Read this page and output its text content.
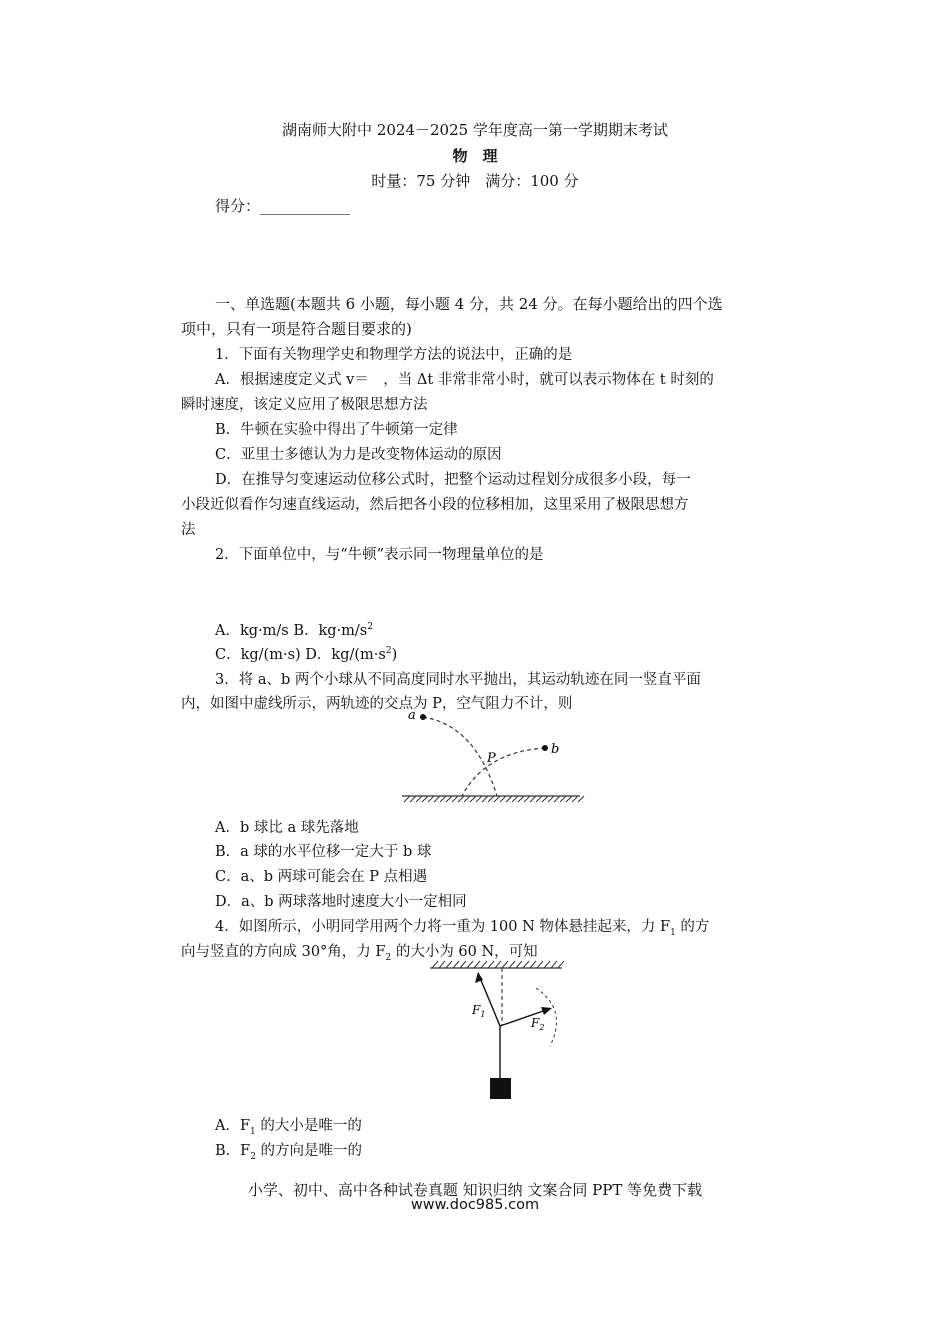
湖南师大附中 2024－2025 学年度高一第一学期期末考试
物　理
时量：75 分钟　满分：100 分
得分：____________
一、单选题(本题共 6 小题，每小题 4 分，共 24 分。在每小题给出的四个选
项中，只有一项是符合题目要求的)
1．下面有关物理学史和物理学方法的说法中，正确的是
A．根据速度定义式 v＝　，当 Δt 非常非常小时，就可以表示物体在 t 时刻的
瞬时速度，该定义应用了极限思想方法
B．牛顿在实验中得出了牛顿第一定律
C．亚里士多德认为力是改变物体运动的原因
D．在推导匀变速运动位移公式时，把整个运动过程划分成很多小段，每一
小段近似看作匀速直线运动，然后把各小段的位移相加，这里采用了极限思想方
法
2．下面单位中，与“牛顿”表示同一物理量单位的是
A．kg·m/s B．$kg\cdot m/s^2$
C．kg/(m·s) D．$kg/(m\cdot s^2)$
3．将 a、b 两个小球从不同高度同时水平抛出，其运动轨迹在同一竖直平面
内，如图中虚线所示，两轨迹的交点为 P，空气阻力不计，则
a
b
P
A．b 球比 a 球先落地
B．a 球的水平位移一定大于 b 球
C．a、b 两球可能会在 P 点相遇
D．a、b 两球落地时速度大小一定相同
4．如图所示，小明同学用两个力将一重为 100 N 物体悬挂起来，力 $F_1$ 的方
向与竖直的方向成 30°角，力 $F_2$ 的大小为 60 N，可知
$F_1$
$F_2$
A．$F_1$ 的大小是唯一的
B．$F_2$ 的方向是唯一的
小学、初中、高中各种试卷真题 知识归纳 文案合同 PPT 等免费下载
www.doc985.com
